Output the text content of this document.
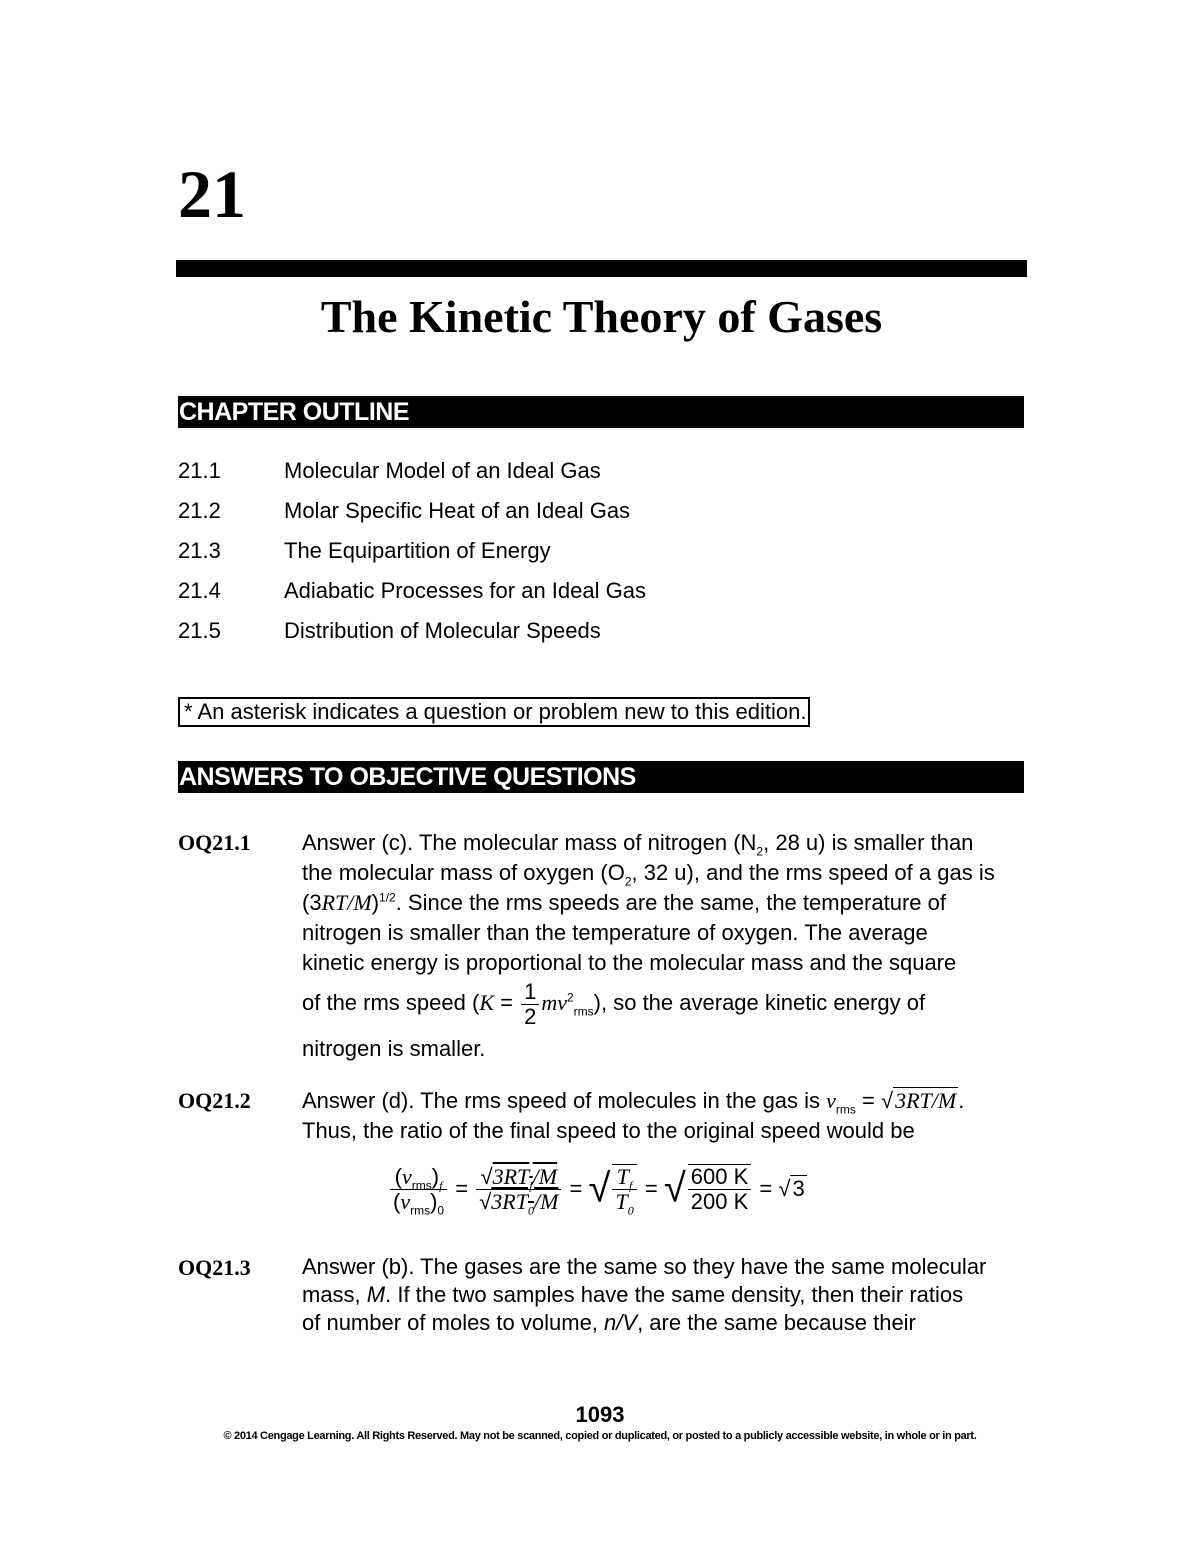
21
The Kinetic Theory of Gases
CHAPTER OUTLINE
21.1	Molecular Model of an Ideal Gas
21.2	Molar Specific Heat of an Ideal Gas
21.3	The Equipartition of Energy
21.4	Adiabatic Processes for an Ideal Gas
21.5	Distribution of Molecular Speeds
* An asterisk indicates a question or problem new to this edition.
ANSWERS TO OBJECTIVE QUESTIONS
OQ21.1 Answer (c). The molecular mass of nitrogen ($N_2$, 28 u) is smaller than
the molecular mass of oxygen ($O_2$, 32 u), and the rms speed of a gas is
$(3RT/M)^{1/2}$. Since the rms speeds are the same, the temperature of
nitrogen is smaller than the temperature of oxygen. The average
kinetic energy is proportional to the molecular mass and the square
of the rms speed $(K = \frac{1}{2} mv^2_{rms})$, so the average kinetic energy of
nitrogen is smaller.
OQ21.2 Answer (d). The rms speed of molecules in the gas is $v_{rms} = √3RT/M$.
Thus, the ratio of the final speed to the original speed would be
$\frac{(v_{rms})_f}{(v_{rms})_0} = \frac{√3RT_f/M}{√3RT_0/M}$ = √ $\frac{T_f}{T_0}$ = √ $\frac{600 K}{200 K} = √3$
OQ21.3 Answer (b). The gases are the same so they have the same molecular
mass, M. If the two samples have the same density, then their ratios
of number of moles to volume, n/V, are the same because their
1093
© 2014 Cengage Learning. All Rights Reserved. May not be scanned, copied or duplicated, or posted to a publicly accessible website, in whole or in part.
